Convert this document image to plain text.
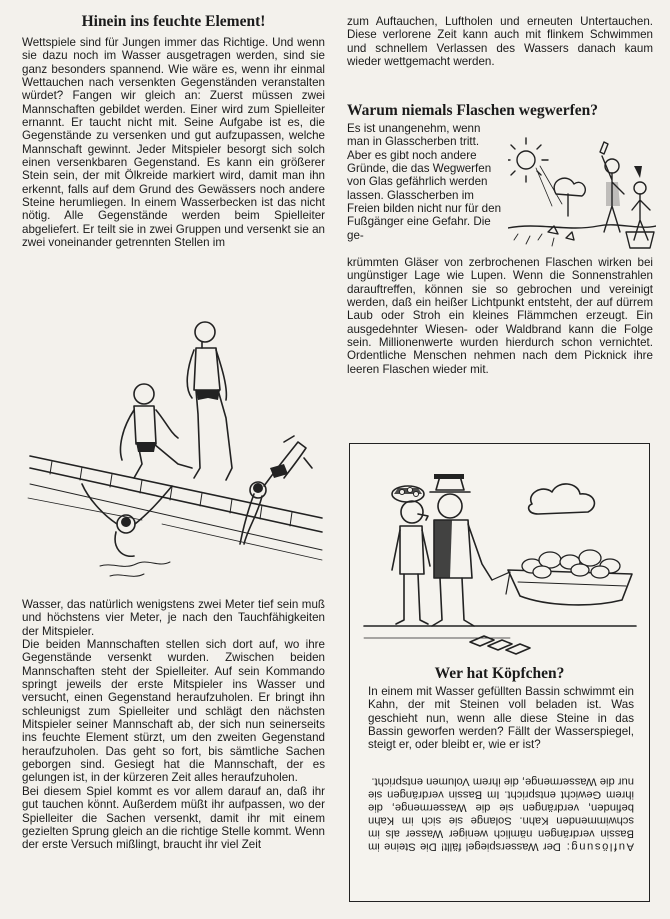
Hinein ins feuchte Element!

Wettspiele sind für Jungen immer das Richtige. Und wenn sie dazu noch im Wasser ausgetragen werden, sind sie ganz besonders spannend. Wie wäre es, wenn ihr einmal Wettauchen nach versenkten Gegenständen veranstalten würdet? Fangen wir gleich an: Zuerst müssen zwei Mannschaften gebildet werden. Einer wird zum Spielleiter ernannt. Er taucht nicht mit. Seine Aufgabe ist es, die Gegenstände zu versenken und gut aufzupassen, welche Mannschaft gewinnt. Jeder Mitspieler besorgt sich solch einen versenkbaren Gegenstand. Es kann ein größerer Stein sein, der mit Ölkreide markiert wird, damit man ihn erkennt, falls auf dem Grund des Gewässers noch andere Steine herumliegen. In einem Wasserbecken ist das nicht nötig. Alle Gegenstände werden beim Spielleiter abgeliefert. Er teilt sie in zwei Gruppen und versenkt sie an zwei voneinander getrennten Stellen im

Wasser, das natürlich wenigstens zwei Meter tief sein muß und höchstens vier Meter, je nach den Tauchfähigkeiten der Mitspieler.

Die beiden Mannschaften stellen sich dort auf, wo ihre Gegenstände versenkt wurden. Zwischen beiden Mannschaften steht der Spielleiter. Auf sein Kommando springt jeweils der erste Mitspieler ins Wasser und versucht, einen Gegenstand heraufzuholen. Er bringt ihn schleunigst zum Spielleiter und schlägt den nächsten Mitspieler seiner Mannschaft ab, der sich nun seinerseits ins feuchte Element stürzt, um den zweiten Gegenstand heraufzuholen. Das geht so fort, bis sämtliche Sachen geborgen sind. Gesiegt hat die Mannschaft, der es gelungen ist, in der kürzeren Zeit alles heraufzuholen.

Bei diesem Spiel kommt es vor allem darauf an, daß ihr gut tauchen könnt. Außerdem müßt ihr aufpassen, wo der Spielleiter die Sachen versenkt, damit ihr mit einem gezielten Sprung gleich an die richtige Stelle kommt. Wenn der erste Versuch mißlingt, braucht ihr viel Zeit

zum Auftauchen, Luftholen und erneuten Untertauchen. Diese verlorene Zeit kann auch mit flinkem Schwimmen und schnellem Verlassen des Wassers danach kaum wieder wettgemacht werden.

Warum niemals Flaschen wegwerfen?

Es ist unangenehm, wenn man in Glasscherben tritt. Aber es gibt noch andere Gründe, die das Wegwerfen von Glas gefährlich werden lassen. Glasscherben im Freien bilden nicht nur für den Fußgänger eine Gefahr. Die ge-

krümmten Gläser von zerbrochenen Flaschen wirken bei ungünstiger Lage wie Lupen. Wenn die Sonnenstrahlen darauftreffen, können sie so gebrochen und vereinigt werden, daß ein heißer Lichtpunkt entsteht, der auf dürrem Laub oder Stroh ein kleines Flämmchen erzeugt. Ein ausgedehnter Wiesen- oder Waldbrand kann die Folge sein. Millionenwerte wurden hierdurch schon vernichtet. Ordentliche Menschen nehmen nach dem Picknick ihre leeren Flaschen wieder mit.

Wer hat Köpfchen?
In einem mit Wasser gefüllten Bassin schwimmt ein Kahn, der mit Steinen voll beladen ist. Was geschieht nun, wenn alle diese Steine in das Bassin geworfen werden? Fällt der Wasserspiegel, steigt er, oder bleibt er, wie er ist?
Auflösung: Der Wasserspiegel fällt! Die Steine im Bassin verdrängen nämlich weniger Wasser als im schwimmenden Kahn. Solange sie sich im Kahn befinden, verdrängen sie die Wassermenge, die ihrem Gewicht entspricht. Im Bassin verdrängen sie nur die Wassermenge, die ihrem Volumen entspricht.
